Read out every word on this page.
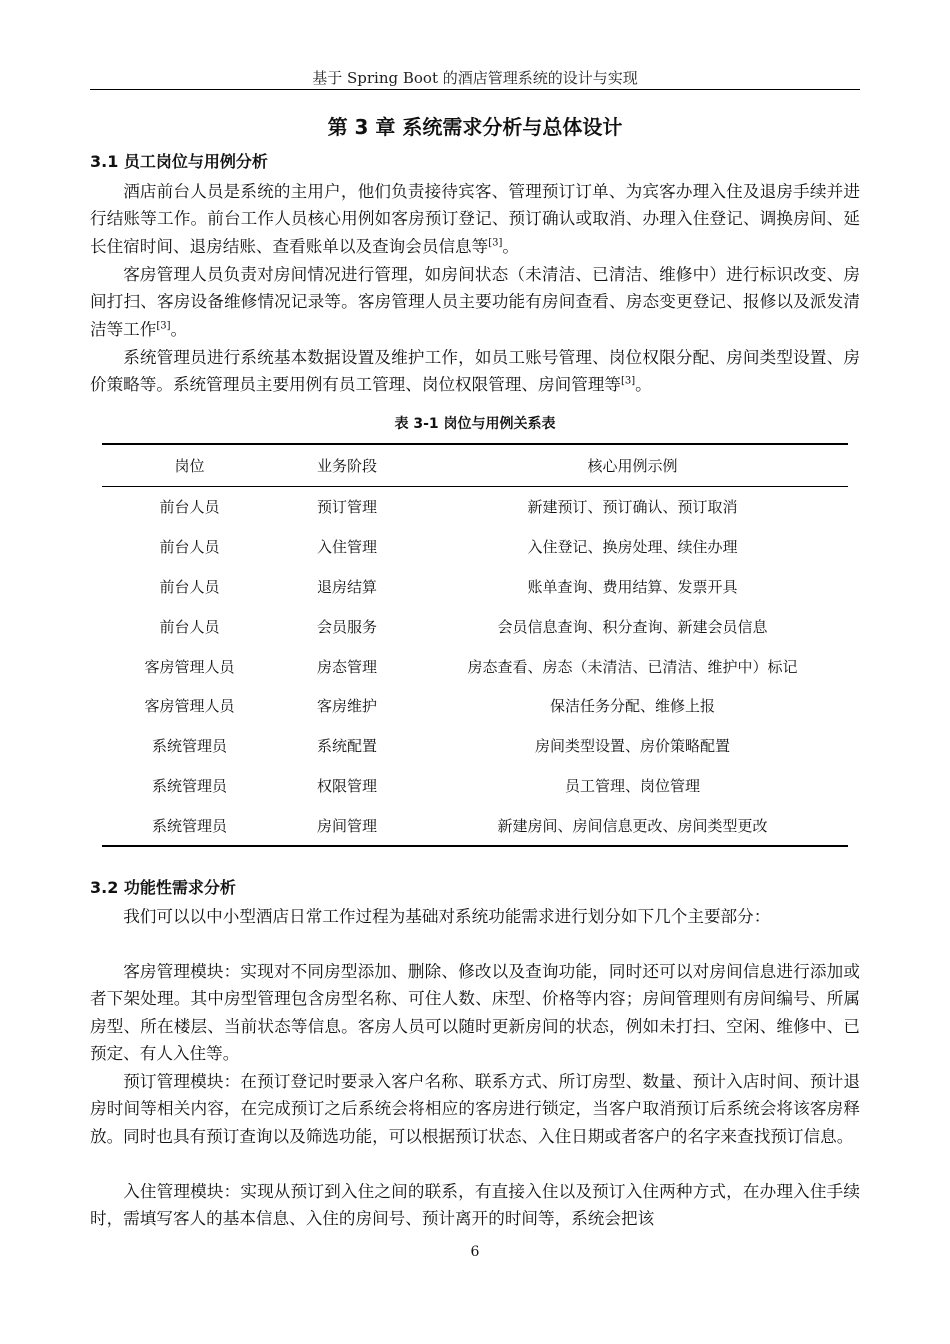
基于 Spring Boot 的酒店管理系统的设计与实现
第 3 章 系统需求分析与总体设计
3.1 员工岗位与用例分析

酒店前台人员是系统的主用户，他们负责接待宾客、管理预订订单、为宾客办理入住及退房手续并进行结账等工作。前台工作人员核心用例如客房预订登记、预订确认或取消、办理入住登记、调换房间、延长住宿时间、退房结账、查看账单以及查询会员信息等[3]。

客房管理人员负责对房间情况进行管理，如房间状态（未清洁、已清洁、维修中）进行标识改变、房间打扫、客房设备维修情况记录等。客房管理人员主要功能有房间查看、房态变更登记、报修以及派发清洁等工作[3]。

系统管理员进行系统基本数据设置及维护工作，如员工账号管理、岗位权限分配、房间类型设置、房价策略等。系统管理员主要用例有员工管理、岗位权限管理、房间管理等[3]。

表 3-1 岗位与用例关系表
岗位	业务阶段	核心用例示例
前台人员	预订管理	新建预订、预订确认、预订取消
前台人员	入住管理	入住登记、换房处理、续住办理
前台人员	退房结算	账单查询、费用结算、发票开具
前台人员	会员服务	会员信息查询、积分查询、新建会员信息
客房管理人员	房态管理	房态查看、房态（未清洁、已清洁、维护中）标记
客房管理人员	客房维护	保洁任务分配、维修上报
系统管理员	系统配置	房间类型设置、房价策略配置
系统管理员	权限管理	员工管理、岗位管理
系统管理员	房间管理	新建房间、房间信息更改、房间类型更改
3.2 功能性需求分析

我们可以以中小型酒店日常工作过程为基础对系统功能需求进行划分如下几个主要部分：

客房管理模块：实现对不同房型添加、删除、修改以及查询功能，同时还可以对房间信息进行添加或者下架处理。其中房型管理包含房型名称、可住人数、床型、价格等内容；房间管理则有房间编号、所属房型、所在楼层、当前状态等信息。客房人员可以随时更新房间的状态，例如未打扫、空闲、维修中、已预定、有人入住等。

预订管理模块：在预订登记时要录入客户名称、联系方式、所订房型、数量、预计入店时间、预计退房时间等相关内容，在完成预订之后系统会将相应的客房进行锁定，当客户取消预订后系统会将该客房释放。同时也具有预订查询以及筛选功能，可以根据预订状态、入住日期或者客户的名字来查找预订信息。

入住管理模块：实现从预订到入住之间的联系，有直接入住以及预订入住两种方式，在办理入住手续时，需填写客人的基本信息、入住的房间号、预计离开的时间等，系统会把该

6
